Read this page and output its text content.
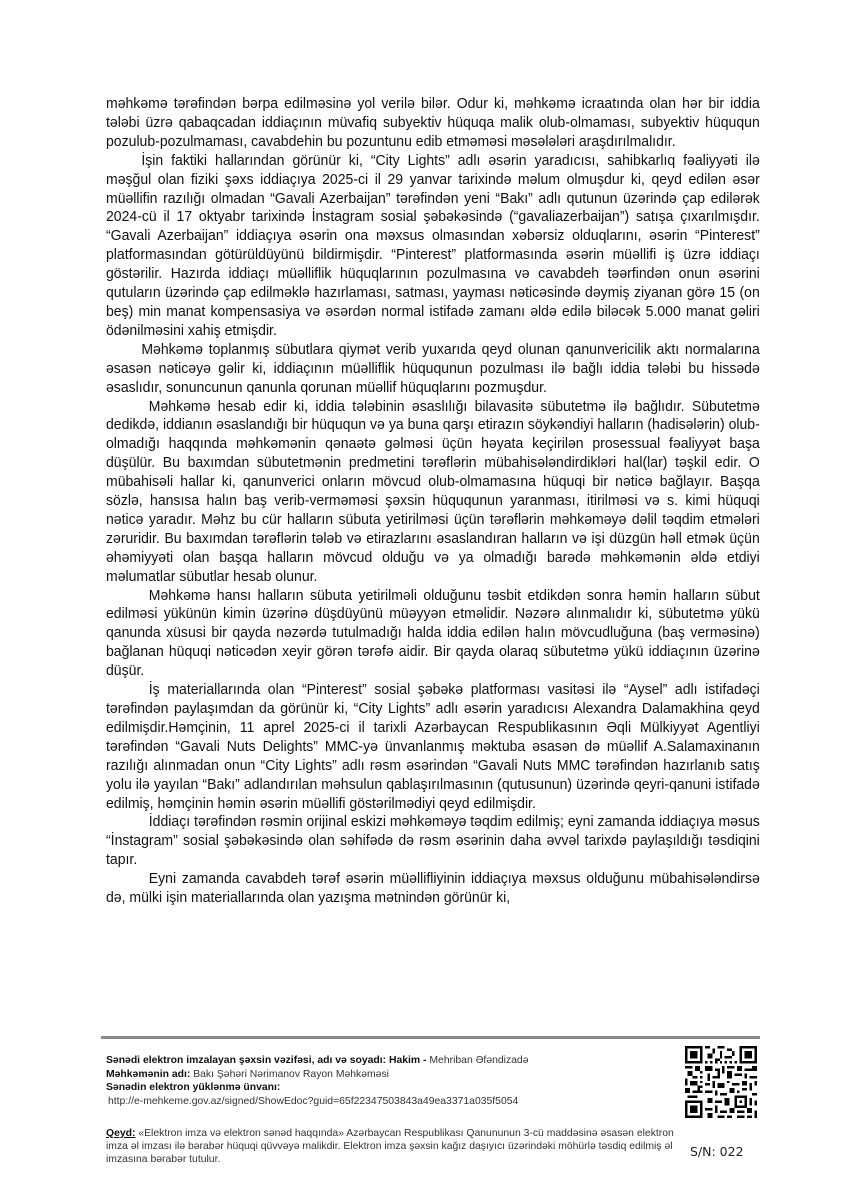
məhkəmə tərəfindən bərpa edilməsinə yol verilə bilər. Odur ki, məhkəmə icraatında olan hər bir iddia tələbi üzrə qabaqcadan iddiaçının müvafiq subyektiv hüquqa malik olub-olmaması, subyektiv hüququn pozulub-pozulmaması, cavabdehin bu pozuntunu edib etməməsi məsələləri araşdırılmalıdır.

İşin faktiki hallarından görünür ki, “City Lights” adlı əsərin yaradıcısı, sahibkarlıq fəaliyyəti ilə məşğul olan fiziki şəxs iddiaçıya 2025-ci il 29 yanvar tarixində məlum olmuşdur ki, qeyd edilən əsər müəllifin razılığı olmadan “Gavali Azerbaijan” tərəfindən yeni “Bakı” adlı qutunun üzərində çap edilərək 2024-cü il 17 oktyabr tarixində İnstagram sosial şəbəkəsində (“gavaliazerbaijan”) satışa çıxarılmışdır. “Gavali Azerbaijan” iddiaçıya əsərin ona məxsus olmasından xəbərsiz olduqlarını, əsərin “Pinterest” platformasından götürüldüyünü bildirmişdir. “Pinterest” platformasında əsərin müəllifi iş üzrə iddiaçı göstərilir. Hazırda iddiaçı müəlliflik hüquqlarının pozulmasına və cavabdeh təərfindən onun əsərini qutuların üzərində çap edilməklə hazırlaması, satması, yayması nəticəsində dəymiş ziyanan görə 15 (on beş) min manat kompensasiya və əsərdən normal istifadə zamanı əldə edilə biləcək 5.000 manat gəliri ödənilməsini xahiş etmişdir.

Məhkəmə toplanmış sübutlara qiymət verib yuxarıda qeyd olunan qanunvericilik aktı normalarına əsasən nəticəyə gəlir ki, iddiaçının müəlliflik hüququnun pozulması ilə bağlı iddia tələbi bu hissədə əsaslıdır, sonuncunun qanunla qorunan müəllif hüquqlarını pozmuşdur.

Məhkəmə hesab edir ki, iddia tələbinin əsaslılığı bilavasitə sübutetmə ilə bağlıdır. Sübutetmə dedikdə, iddianın əsaslandığı bir hüququn və ya buna qarşı etirazın söykəndiyi halların (hadisələrin) olub-olmadığı haqqında məhkəmənin qənaətə gəlməsi üçün həyata keçirilən prosessual fəaliyyət başa düşülür. Bu baxımdan sübutetmənin predmetini tərəflərin mübahisələndirdikləri hal(lar) təşkil edir. O mübahisəli hallar ki, qanunverici onların mövcud olub-olmamasına hüquqi bir nəticə bağlayır. Başqa sözlə, hansısa halın baş verib-verməməsi şəxsin hüququnun yaranması, itirilməsi və s. kimi hüquqi nəticə yaradır. Məhz bu cür halların sübuta yetirilməsi üçün tərəflərin məhkəməyə dəlil təqdim etmələri zəruridir. Bu baxımdan tərəflərin tələb və etirazlarını əsaslandıran halların və işi düzgün həll etmək üçün əhəmiyyəti olan başqa halların mövcud olduğu və ya olmadığı barədə məhkəmənin əldə etdiyi məlumatlar sübutlar hesab olunur.

Məhkəmə hansı halların sübuta yetirilməli olduğunu təsbit etdikdən sonra həmin halların sübut edilməsi yükünün kimin üzərinə düşdüyünü müəyyən etməlidir. Nəzərə alınmalıdır ki, sübutetmə yükü qanunda xüsusi bir qayda nəzərdə tutulmadığı halda iddia edilən halın mövcudluğuna (baş verməsinə) bağlanan hüquqi nəticədən xeyir görən tərəfə aidir. Bir qayda olaraq sübutetmə yükü iddiaçının üzərinə düşür.

İş materiallarında olan “Pinterest” sosial şəbəkə platforması vasitəsi ilə “Aysel” adlı istifadəçi tərəfindən paylaşımdan da görünür ki, “City Lights” adlı əsərin yaradıcısı Alexandra Dalamakhina qeyd edilmişdir.Həmçinin, 11 aprel 2025-ci il tarixli Azərbaycan Respublikasının Əqli Mülkiyyət Agentliyi tərəfindən “Gavali Nuts Delights” MMC-yə ünvanlanmış məktuba əsasən də müəllif A.Salamaxinanın razılığı alınmadan onun “City Lights” adlı rəsm əsərindən “Gavali Nuts MMC tərəfindən hazırlanıb satış yolu ilə yayılan “Bakı” adlandırılan məhsulun qablaşırılmasının (qutusunun) üzərində qeyri-qanuni istifadə edilmiş, həmçinin həmin əsərin müəllifi göstərilmədiyi qeyd edilmişdir.

İddiaçı tərəfindən rəsmin orijinal eskizi məhkəməyə təqdim edilmiş; eyni zamanda iddiaçıya məsus “İnstagram” sosial şəbəkəsində olan səhifədə də rəsm əsərinin daha əvvəl tarixdə paylaşıldığı təsdiqini tapır.

Eyni zamanda cavabdeh tərəf əsərin müəllifliyinin iddiaçıya məxsus olduğunu mübahisələndirsə də, mülki işin materiallarında olan yazışma mətnindən görünür ki,

Sənədi elektron imzalayan şəxsin vəzifəsi, adı və soyadı: Hakim - Mehriban Əfəndizadə
Məhkəmənin adı: Bakı Şəhəri Nərimanov Rayon Məhkəməsi
Sənədin elektron yüklənmə ünvanı:
http://e-mehkeme.gov.az/signed/ShowEdoc?guid=65f22347503843a49ea3371a035f5054
Qeyd: «Elektron imza və elektron sənəd haqqında» Azərbaycan Respublikası Qanununun 3-cü maddəsinə əsasən elektron imza əl imzası ilə bərabər hüquqi qüvvəyə malikdir. Elektron imza şəxsin kağız daşıyıcı üzərindəki möhürlə təsdiq edilmiş əl imzasına bərabər tutulur.
S/N: 022
